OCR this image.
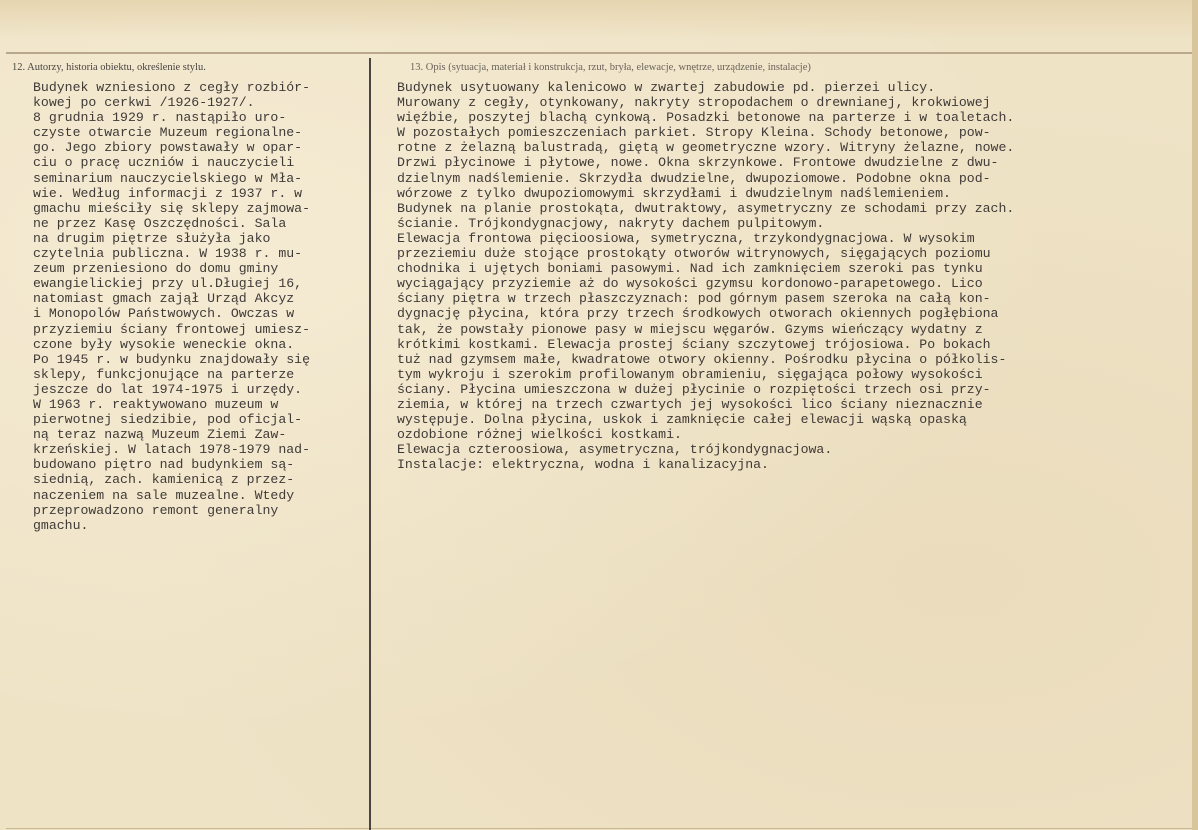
12. Autorzy, historia obiektu, określenie stylu.	13. Opis (sytuacja, materiał i konstrukcja, rzut, bryła, elewacje, wnętrze, urządzenie, instalacje)
Budynek wzniesiono z cegły rozbiór-
kowej po cerkwi /1926-1927/.
8 grudnia 1929 r. nastąpiło uro-
czyste otwarcie Muzeum regionalne-
go. Jego zbiory powstawały w opar-
ciu o pracę uczniów i nauczycieli
seminarium nauczycielskiego w Mła-
wie. Według informacji z 1937 r. w
gmachu mieściły się sklepy zajmowa-
ne przez Kasę Oszczędności. Sala
na drugim piętrze służyła jako
czytelnia publiczna. W 1938 r. mu-
zeum przeniesiono do domu gminy
ewangielickiej przy ul.Długiej 16,
natomiast gmach zajął Urząd Akcyz
i Monopolów Państwowych. Owczas w
przyziemiu ściany frontowej umiesz-
czone były wysokie weneckie okna.
Po 1945 r. w budynku znajdowały się
sklepy, funkcjonujące na parterze
jeszcze do lat 1974-1975 i urzędy.
W 1963 r. reaktywowano muzeum w
pierwotnej siedzibie, pod oficjal-
ną teraz nazwą Muzeum Ziemi Zaw-
krzeńskiej. W latach 1978-1979 nad-
budowano piętro nad budynkiem są-
siednią, zach. kamienicą z przez-
naczeniem na sale muzealne. Wtedy
przeprowadzono remont generalny
gmachu.
Budynek usytuowany kalenicowo w zwartej zabudowie pd. pierzei ulicy.
Murowany z cegły, otynkowany, nakryty stropodachem o drewnianej, krokwiowej
więźbie, poszytej blachą cynkową. Posadzki betonowe na parterze i w toaletach.
W pozostałych pomieszczeniach parkiet. Stropy Kleina. Schody betonowe, pow-
rotne z żelazną balustradą, giętą w geometryczne wzory. Witryny żelazne, nowe.
Drzwi płycinowe i płytowe, nowe. Okna skrzynkowe. Frontowe dwudzielne z dwu-
dzielnym nadślemienie. Skrzydła dwudzielne, dwupoziomowe. Podobne okna pod-
wórzowe z tylko dwupoziomowymi skrzydłami i dwudzielnym nadślemieniem.
Budynek na planie prostokąta, dwutraktowy, asymetryczny ze schodami przy zach.
ścianie. Trójkondygnacjowy, nakryty dachem pulpitowym.
Elewacja frontowa pięcioosiowa, symetryczna, trzykondygnacjowa. W wysokim
przeziemiu duże stojące prostokąty otworów witrynowych, sięgających poziomu
chodnika i ujętych boniami pasowymi. Nad ich zamknięciem szeroki pas tynku
wyciągający przyziemie aż do wysokości gzymsu kordonowo-parapetowego. Lico
ściany piętra w trzech płaszczyznach: pod górnym pasem szeroka na całą kon-
dygnację płycina, która przy trzech środkowych otworach okiennych pogłębiona
tak, że powstały pionowe pasy w miejscu węgarów. Gzyms wieńczący wydatny z
krótkimi kostkami. Elewacja prostej ściany szczytowej trójosiowa. Po bokach
tuż nad gzymsem małe, kwadratowe otwory okienny. Pośrodku płycina o półkolis-
tym wykroju i szerokim profilowanym obramieniu, sięgająca połowy wysokości
ściany. Płycina umieszczona w dużej płycinie o rozpiętości trzech osi przy-
ziemia, w której na trzech czwartych jej wysokości lico ściany nieznacznie
występuje. Dolna płycina, uskok i zamknięcie całej elewacji wąską opaską
ozdobione różnej wielkości kostkami.
Elewacja czteroosiowa, asymetryczna, trójkondygnacjowa.
Instalacje: elektryczna, wodna i kanalizacyjna.
